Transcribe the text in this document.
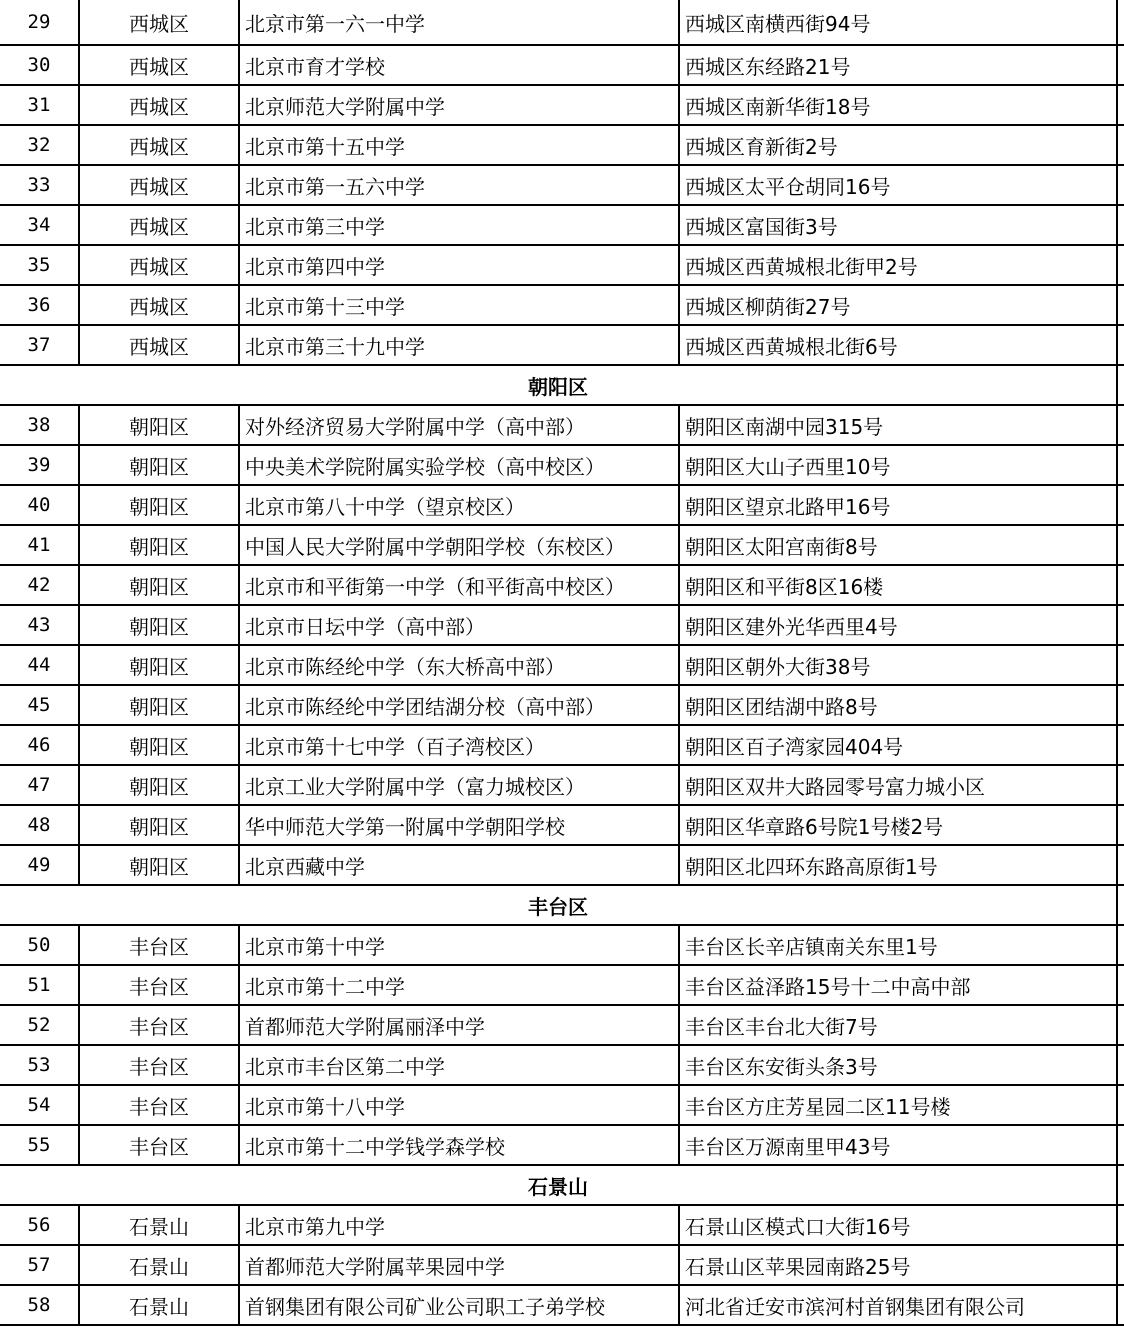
29	西城区	北京市第一六一中学	西城区南横西街94号
30	西城区	北京市育才学校	西城区东经路21号
31	西城区	北京师范大学附属中学	西城区南新华街18号
32	西城区	北京市第十五中学	西城区育新街2号
33	西城区	北京市第一五六中学	西城区太平仓胡同16号
34	西城区	北京市第三中学	西城区富国街3号
35	西城区	北京市第四中学	西城区西黄城根北街甲2号
36	西城区	北京市第十三中学	西城区柳荫街27号
37	西城区	北京市第三十九中学	西城区西黄城根北街6号
朝阳区
38	朝阳区	对外经济贸易大学附属中学（高中部）	朝阳区南湖中园315号
39	朝阳区	中央美术学院附属实验学校（高中校区）	朝阳区大山子西里10号
40	朝阳区	北京市第八十中学（望京校区）	朝阳区望京北路甲16号
41	朝阳区	中国人民大学附属中学朝阳学校（东校区）	朝阳区太阳宫南街8号
42	朝阳区	北京市和平街第一中学（和平街高中校区）	朝阳区和平街8区16楼
43	朝阳区	北京市日坛中学（高中部）	朝阳区建外光华西里4号
44	朝阳区	北京市陈经纶中学（东大桥高中部）	朝阳区朝外大街38号
45	朝阳区	北京市陈经纶中学团结湖分校（高中部）	朝阳区团结湖中路8号
46	朝阳区	北京市第十七中学（百子湾校区）	朝阳区百子湾家园404号
47	朝阳区	北京工业大学附属中学（富力城校区）	朝阳区双井大路园零号富力城小区
48	朝阳区	华中师范大学第一附属中学朝阳学校	朝阳区华章路6号院1号楼2号
49	朝阳区	北京西藏中学	朝阳区北四环东路高原街1号
丰台区
50	丰台区	北京市第十中学	丰台区长辛店镇南关东里1号
51	丰台区	北京市第十二中学	丰台区益泽路15号十二中高中部
52	丰台区	首都师范大学附属丽泽中学	丰台区丰台北大街7号
53	丰台区	北京市丰台区第二中学	丰台区东安街头条3号
54	丰台区	北京市第十八中学	丰台区方庄芳星园二区11号楼
55	丰台区	北京市第十二中学钱学森学校	丰台区万源南里甲43号
石景山
56	石景山	北京市第九中学	石景山区模式口大街16号
57	石景山	首都师范大学附属苹果园中学	石景山区苹果园南路25号
58	石景山	首钢集团有限公司矿业公司职工子弟学校	河北省迁安市滨河村首钢集团有限公司
